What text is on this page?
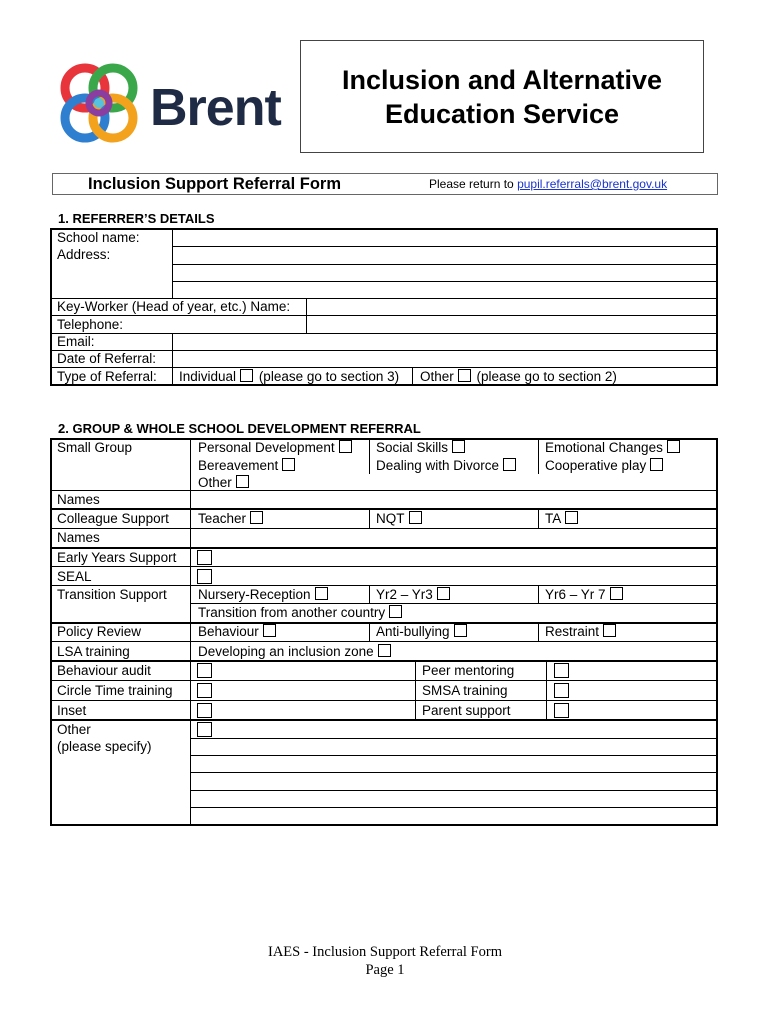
Brent	Inclusion and Alternative
Education Service
Inclusion Support Referral Form	Please return to pupil.referrals@brent.gov.uk
1. REFERRER’S DETAILS
School name:
Address:
Key-Worker (Head of year, etc.) Name:
Telephone:
Email:
Date of Referral:
Type of Referral: Individual (please go to section 3) Other (please go to section 2)
2. GROUP & WHOLE SCHOOL DEVELOPMENT REFERRAL
Small Group	Personal Development	Social Skills	Emotional Changes
Bereavement	Dealing with Divorce	Cooperative play
Other
Names
Colleague Support Teacher	NQT	TA
Names
Early Years Support
SEAL
Transition Support Nursery-Reception	Yr2 – Yr3	Yr6 – Yr 7
Transition from another country
Policy Review	Behaviour	Anti-bullying	Restraint
LSA training	Developing an inclusion zone
Behaviour audit	Peer mentoring
Circle Time training	SMSA training
Inset	Parent support
Other
(please specify)
IAES - Inclusion Support Referral Form
Page 1
